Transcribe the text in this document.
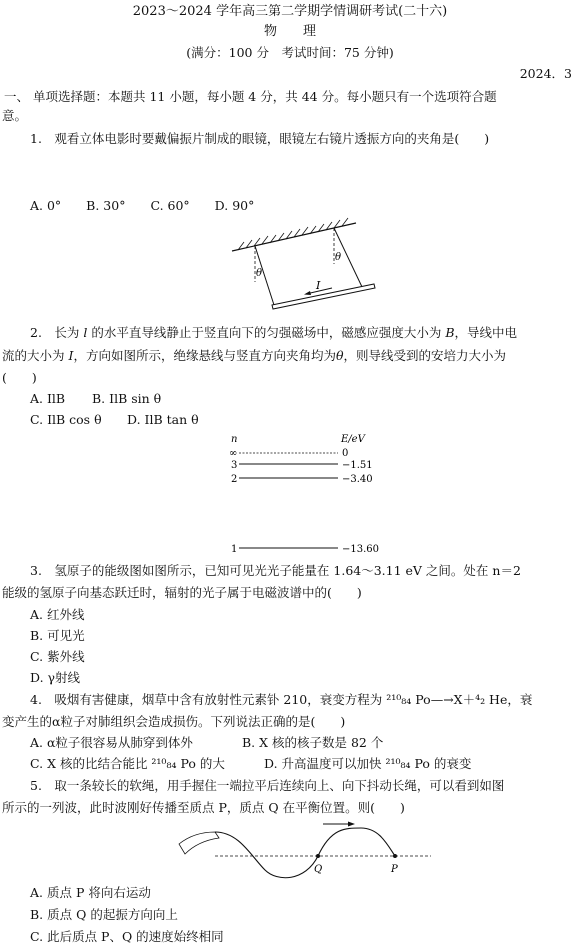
2023～2024 学年高三第二学期学情调研考试(二十六)
物　　理
(满分：100 分　考试时间：75 分钟)
2024．3
一、 单项选择题：本题共 11 小题，每小题 4 分，共 44 分。每小题只有一个选项符合题
意。
1.　观看立体电影时要戴偏振片制成的眼镜，眼镜左右镜片透振方向的夹角是(　　)
A. 0°　　B. 30°　　C. 60°　　D. 90°
θ
θ
I
2.　长为 l 的水平直导线静止于竖直向下的匀强磁场中，磁感应强度大小为 B，导线中电
流的大小为 I，方向如图所示，绝缘悬线与竖直方向夹角均为θ，则导线受到的安培力大小为
(　　)
A. IlB B. IlB sin θ
C. IlB cos θ D. IlB tan θ
n	E/eV
∞	0
3	−1.51
2	−3.40
1	−13.60
3.　氢原子的能级图如图所示，已知可见光光子能量在 1.64～3.11 eV 之间。处在 n＝2
能级的氢原子向基态跃迁时，辐射的光子属于电磁波谱中的(　　)
A. 红外线
B. 可见光
C. 紫外线
D. γ射线
4.　吸烟有害健康，烟草中含有放射性元素钋 210，衰变方程为 ²¹⁰₈₄ Po—→X＋⁴₂ He，衰
变产生的α粒子对肺组织会造成损伤。下列说法正确的是(　　)
A. α粒子很容易从肺穿到体外	B. X 核的核子数是 82 个
C. X 核的比结合能比 ²¹⁰₈₄ Po 的大	D. 升高温度可以加快 ²¹⁰₈₄ Po 的衰变
5.　取一条较长的软绳，用手握住一端拉平后连续向上、向下抖动长绳，可以看到如图
所示的一列波，此时波刚好传播至质点 P，质点 Q 在平衡位置。则(　　)
Q	P
A. 质点 P 将向右运动
B. 质点 Q 的起振方向向上
C. 此后质点 P、Q 的速度始终相同
